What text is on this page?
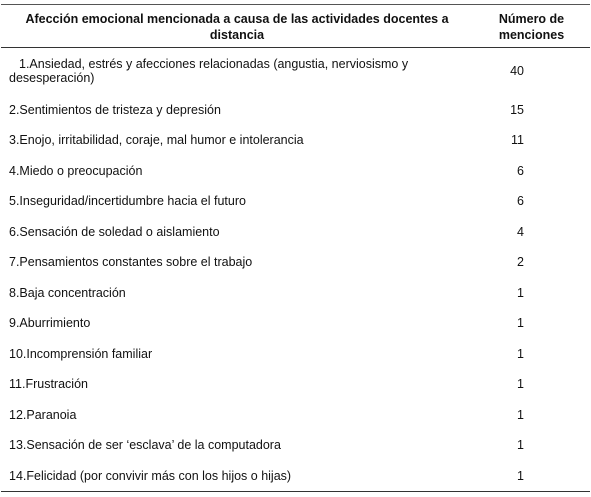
Afección emocional mencionada a causa de las actividades docentes a distancia	Número de menciones
1.Ansiedad, estrés y afecciones relacionadas (angustia, nerviosismo y desesperación)	40
2.Sentimientos de tristeza y depresión	15
3.Enojo, irritabilidad, coraje, mal humor e intolerancia	11
4.Miedo o preocupación	6
5.Inseguridad/incertidumbre hacia el futuro	6
6.Sensación de soledad o aislamiento	4
7.Pensamientos constantes sobre el trabajo	2
8.Baja concentración	1
9.Aburrimiento	1
10.Incomprensión familiar	1
11.Frustración	1
12.Paranoia	1
13.Sensación de ser ‘esclava’ de la computadora	1
14.Felicidad (por convivir más con los hijos o hijas)	1
